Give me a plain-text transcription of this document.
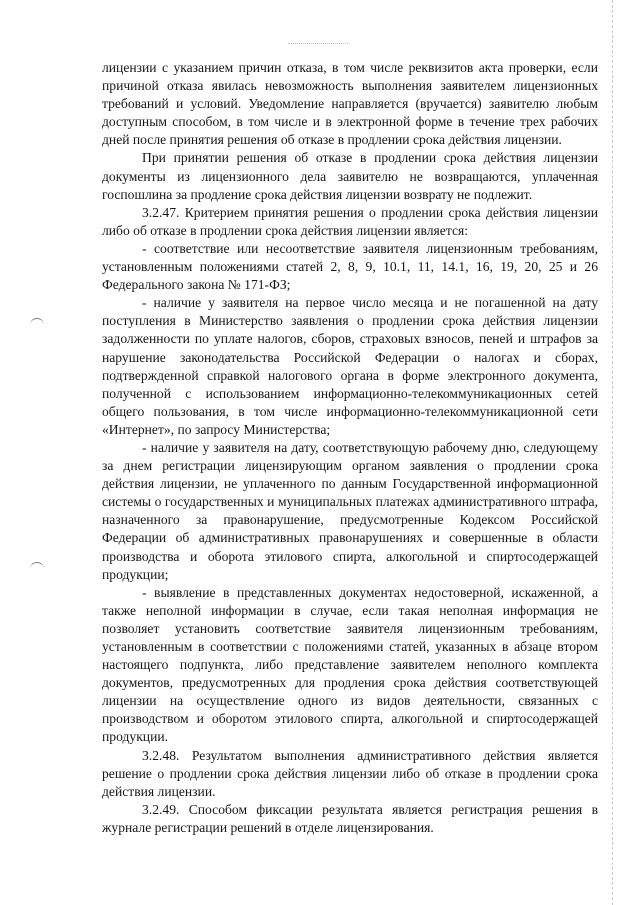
лицензии с указанием причин отказа, в том числе реквизитов акта проверки, если причиной отказа явилась невозможность выполнения заявителем лицензионных требований и условий. Уведомление направляется (вручается) заявителю любым доступным способом, в том числе и в электронной форме в течение трех рабочих дней после принятия решения об отказе в продлении срока действия лицензии.

При принятии решения об отказе в продлении срока действия лицензии документы из лицензионного дела заявителю не возвращаются, уплаченная госпошлина за продление срока действия лицензии возврату не подлежит.

3.2.47. Критерием принятия решения о продлении срока действия лицензии либо об отказе в продлении срока действия лицензии является:

- соответствие или несоответствие заявителя лицензионным требованиям, установленным положениями статей 2, 8, 9, 10.1, 11, 14.1, 16, 19, 20, 25 и 26 Федерального закона № 171-ФЗ;

- наличие у заявителя на первое число месяца и не погашенной на дату поступления в Министерство заявления о продлении срока действия лицензии задолженности по уплате налогов, сборов, страховых взносов, пеней и штрафов за нарушение законодательства Российской Федерации о налогах и сборах, подтвержденной справкой налогового органа в форме электронного документа, полученной с использованием информационно-телекоммуникационных сетей общего пользования, в том числе информационно-телекоммуникационной сети «Интернет», по запросу Министерства;

- наличие у заявителя на дату, соответствующую рабочему дню, следующему за днем регистрации лицензирующим органом заявления о продлении срока действия лицензии, не уплаченного по данным Государственной информационной системы о государственных и муниципальных платежах административного штрафа, назначенного за правонарушение, предусмотренные Кодексом Российской Федерации об административных правонарушениях и совершенные в области производства и оборота этилового спирта, алкогольной и спиртосодержащей продукции;

- выявление в представленных документах недостоверной, искаженной, а также неполной информации в случае, если такая неполная информация не позволяет установить соответствие заявителя лицензионным требованиям, установленным в соответствии с положениями статей, указанных в абзаце втором настоящего подпункта, либо представление заявителем неполного комплекта документов, предусмотренных для продления срока действия соответствующей лицензии на осуществление одного из видов деятельности, связанных с производством и оборотом этилового спирта, алкогольной и спиртосодержащей продукции.

3.2.48. Результатом выполнения административного действия является решение о продлении срока действия лицензии либо об отказе в продлении срока действия лицензии.

3.2.49. Способом фиксации результата является регистрация решения в журнале регистрации решений в отделе лицензирования.
